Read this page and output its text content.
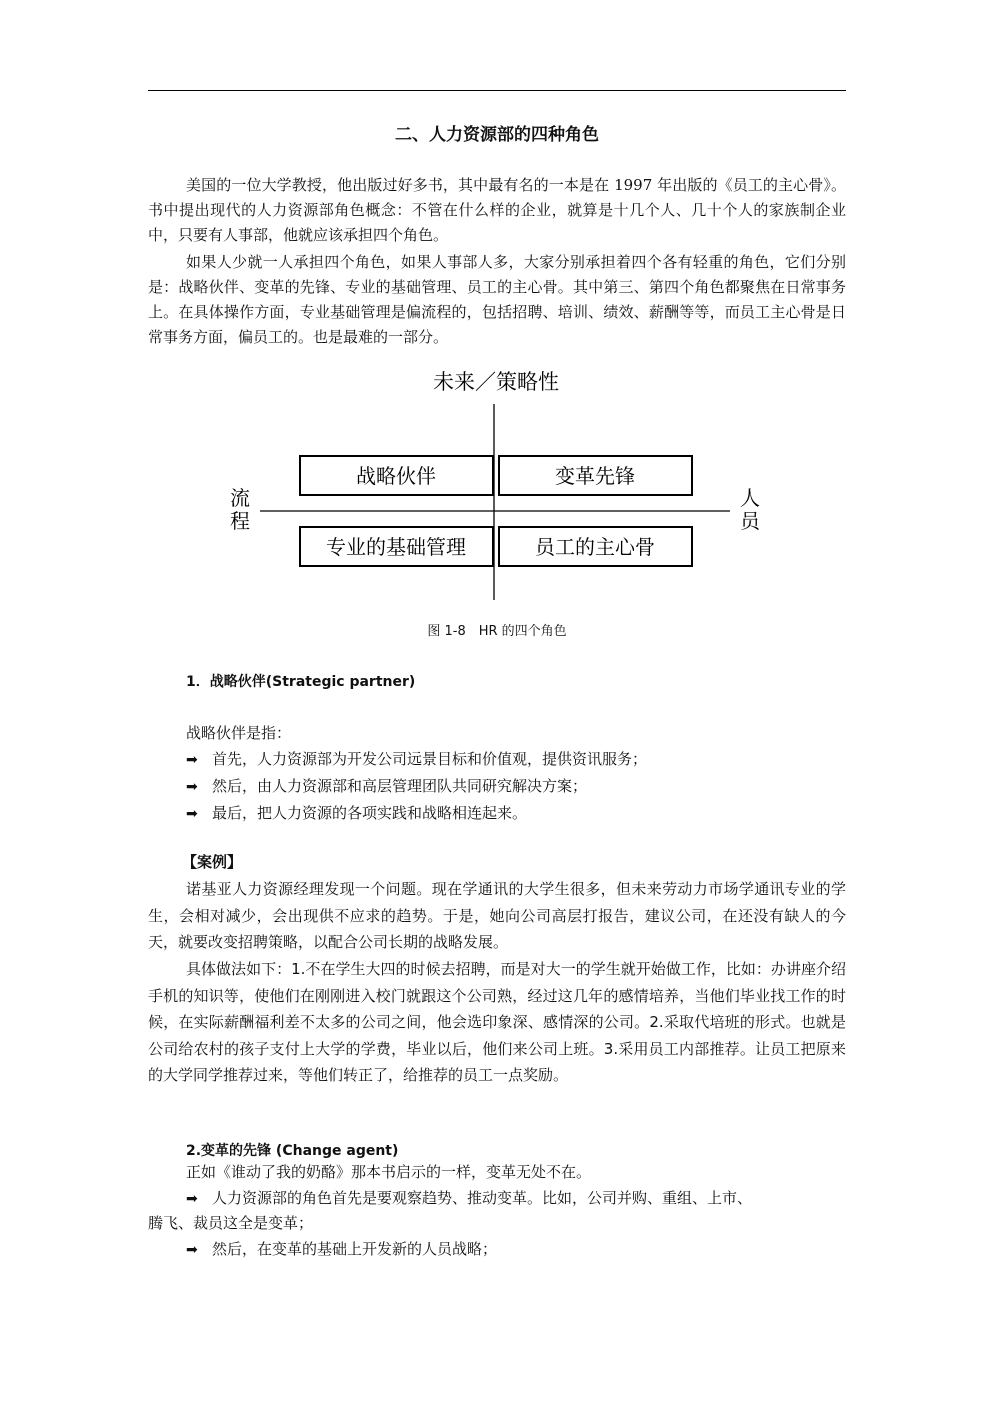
二、人力资源部的四种角色

美国的一位大学教授，他出版过好多书，其中最有名的一本是在 1997 年出版的《员工的主心骨》。书中提出现代的人力资源部角色概念：不管在什么样的企业，就算是十几个人、几十个人的家族制企业中，只要有人事部，他就应该承担四个角色。

如果人少就一人承担四个角色，如果人事部人多，大家分别承担着四个各有轻重的角色，它们分别是：战略伙伴、变革的先锋、专业的基础管理、员工的主心骨。其中第三、第四个角色都聚焦在日常事务上。在具体操作方面，专业基础管理是偏流程的，包括招聘、培训、绩效、薪酬等等，而员工主心骨是日常事务方面，偏员工的。也是最难的一部分。

未来／策略性
战略伙伴	变革先锋
专业的基础管理	员工的主心骨
流
程
人
员
图 1-8　HR 的四个角色
1．战略伙伴(Strategic partner)
战略伙伴是指：
➡ 首先，人力资源部为开发公司远景目标和价值观，提供资讯服务；
➡ 然后，由人力资源部和高层管理团队共同研究解决方案；
➡ 最后，把人力资源的各项实践和战略相连起来。
【案例】

诺基亚人力资源经理发现一个问题。现在学通讯的大学生很多，但未来劳动力市场学通讯专业的学生，会相对减少，会出现供不应求的趋势。于是，她向公司高层打报告，建议公司，在还没有缺人的今天，就要改变招聘策略，以配合公司长期的战略发展。

具体做法如下：1.不在学生大四的时候去招聘，而是对大一的学生就开始做工作，比如：办讲座介绍手机的知识等，使他们在刚刚进入校门就跟这个公司熟，经过这几年的感情培养，当他们毕业找工作的时候，在实际薪酬福利差不太多的公司之间，他会选印象深、感情深的公司。2.采取代培班的形式。也就是公司给农村的孩子支付上大学的学费，毕业以后，他们来公司上班。3.采用员工内部推荐。让员工把原来的大学同学推荐过来，等他们转正了，给推荐的员工一点奖励。

2.变革的先锋 (Change agent)
正如《谁动了我的奶酪》那本书启示的一样，变革无处不在。
➡ 人力资源部的角色首先是要观察趋势、推动变革。比如，公司并购、重组、上市、
腾飞、裁员这全是变革；
➡ 然后，在变革的基础上开发新的人员战略；
